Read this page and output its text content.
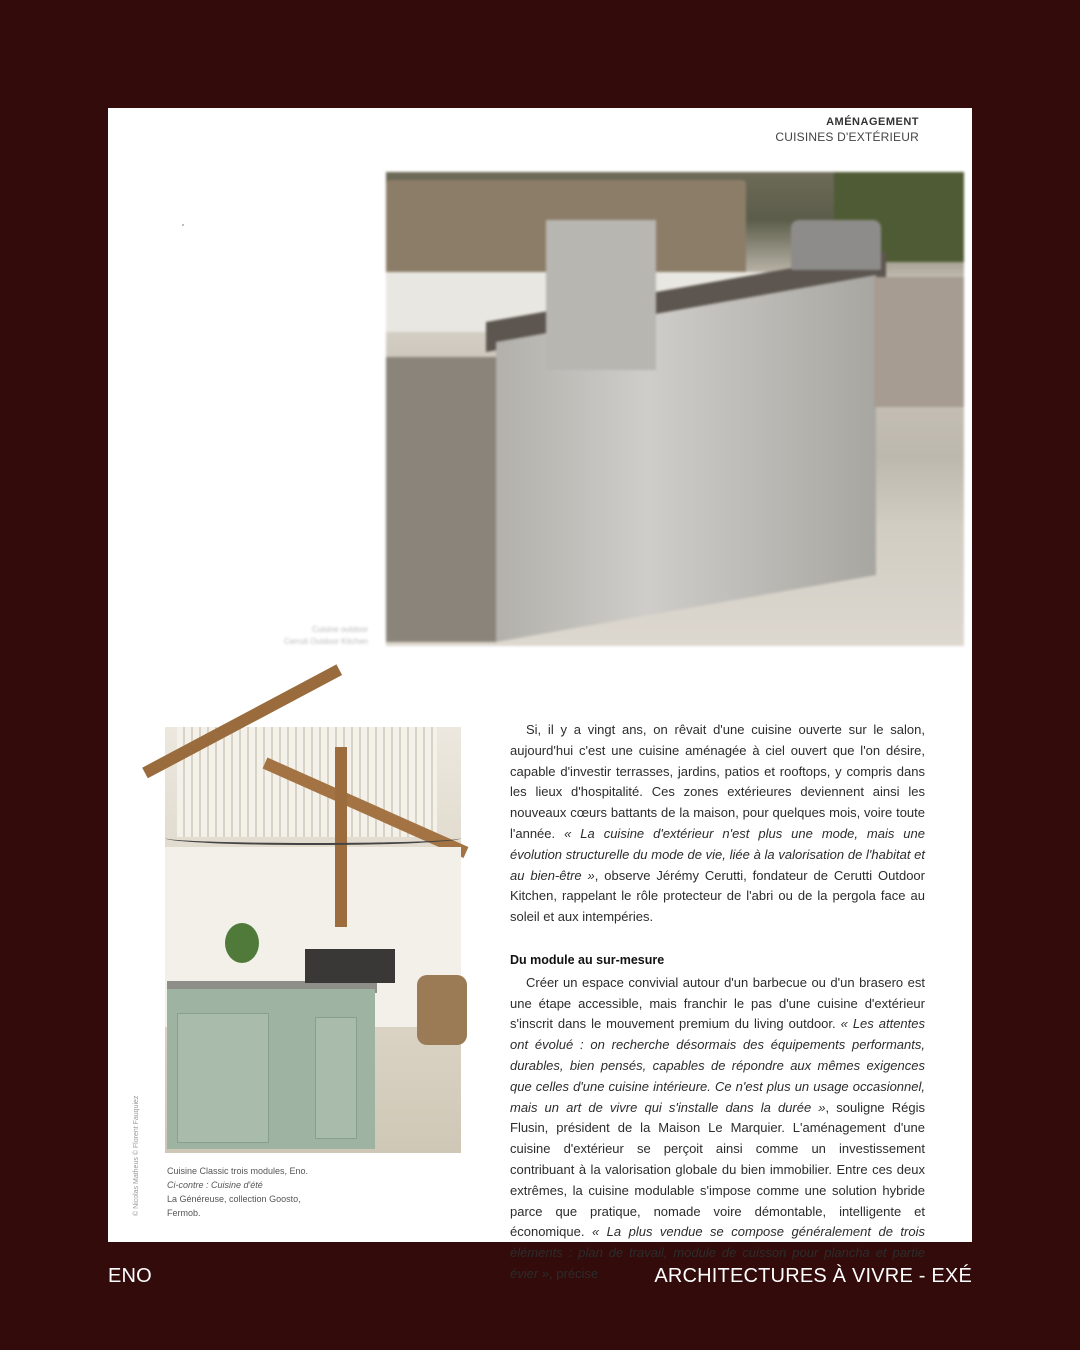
AMÉNAGEMENT
CUISINES D'EXTÉRIEUR
Cuisine outdoor
Cerruti Outdoor Kitchen
© Nicolas Matheus © Florent Fauquiez	Cuisine Classic trois modules, Eno.
Ci-contre : Cuisine d'été
La Généreuse, collection Goosto,
Fermob.

Si, il y a vingt ans, on rêvait d'une cuisine ouverte sur le salon, aujourd'hui c'est une cuisine aménagée à ciel ouvert que l'on désire, capable d'investir terrasses, jardins, patios et rooftops, y compris dans les lieux d'hospitalité. Ces zones extérieures deviennent ainsi les nouveaux cœurs battants de la maison, pour quelques mois, voire toute l'année. « La cuisine d'extérieur n'est plus une mode, mais une évolution structurelle du mode de vie, liée à la valorisation de l'habitat et au bien-être », observe Jérémy Cerutti, fondateur de Cerutti Outdoor Kitchen, rappelant le rôle protecteur de l'abri ou de la pergola face au soleil et aux intempéries.

Du module au sur-mesure

Créer un espace convivial autour d'un barbecue ou d'un brasero est une étape accessible, mais franchir le pas d'une cuisine d'extérieur s'inscrit dans le mouvement premium du living outdoor. « Les attentes ont évolué : on recherche désormais des équipements performants, durables, bien pensés, capables de répondre aux mêmes exigences que celles d'une cuisine intérieure. Ce n'est plus un usage occasionnel, mais un art de vivre qui s'installe dans la durée », souligne Régis Flusin, président de la Maison Le Marquier. L'aménagement d'une cuisine d'extérieur se perçoit ainsi comme un investissement contribuant à la valorisation globale du bien immobilier. Entre ces deux extrêmes, la cuisine modulable s'impose comme une solution hybride parce que pratique, nomade voire démontable, intelligente et économique. « La plus vendue se compose généralement de trois éléments : plan de travail, module de cuisson pour plancha et partie évier », précise

ENO	ARCHITECTURES À VIVRE - EXÉ
